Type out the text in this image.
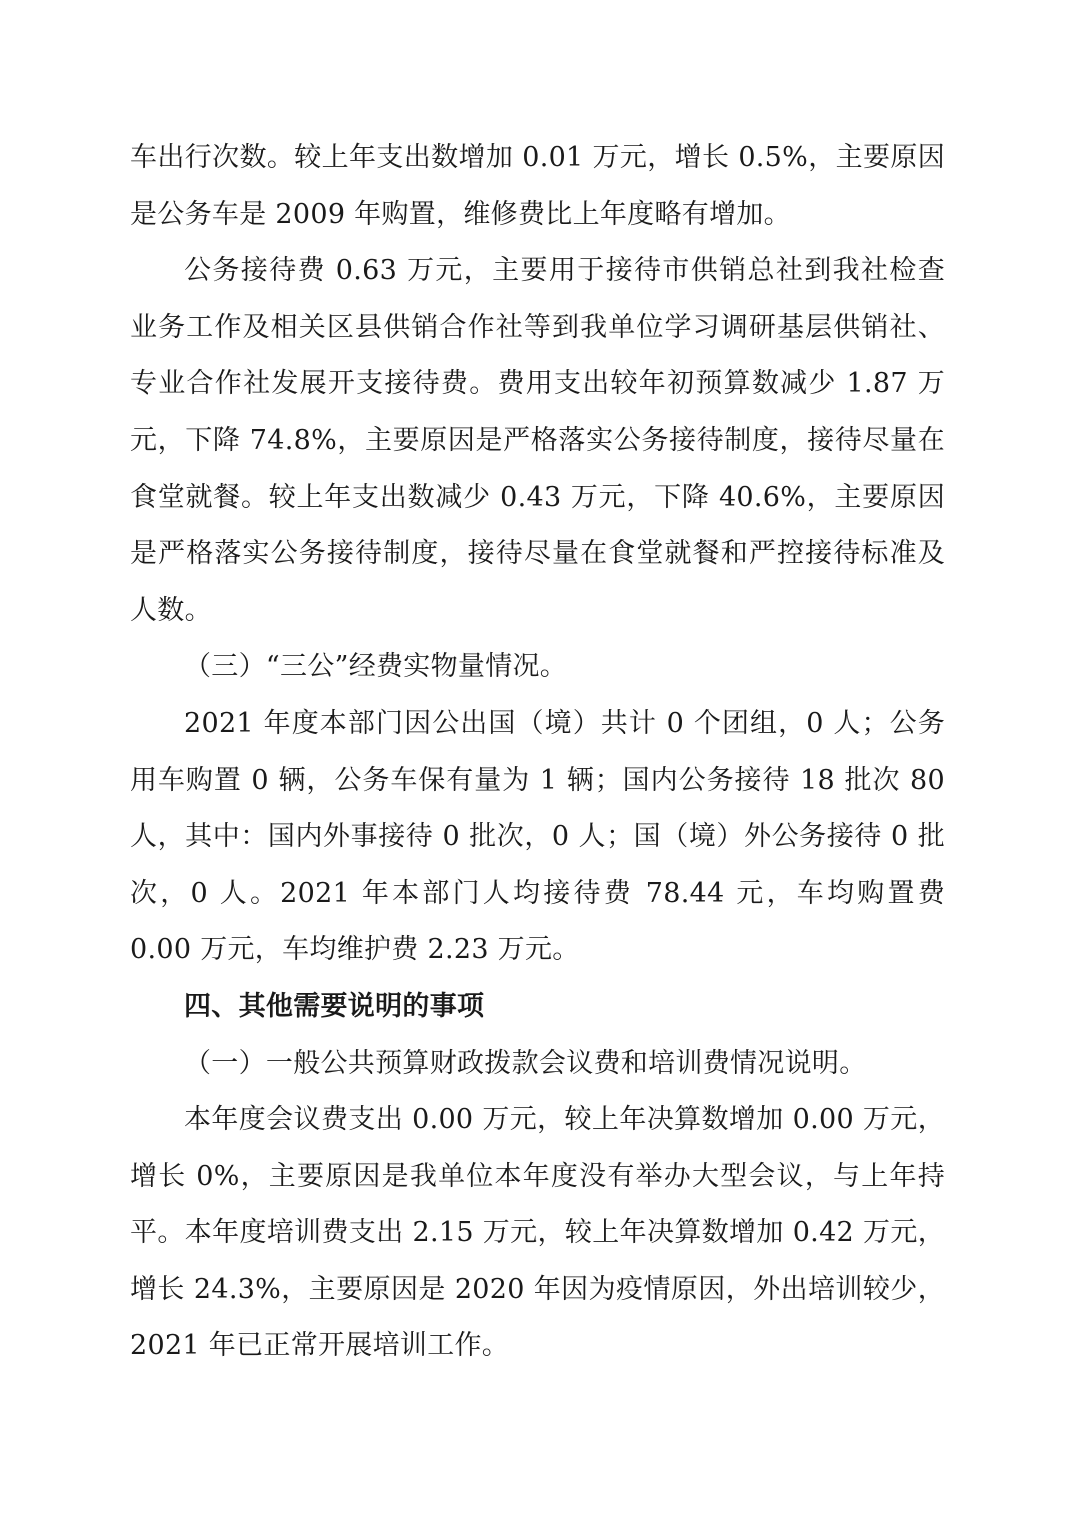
车出行次数。较上年支出数增加 0.01 万元，增长 0.5%，主要原因是公务车是 2009 年购置，维修费比上年度略有增加。

公务接待费 0.63 万元，主要用于接待市供销总社到我社检查业务工作及相关区县供销合作社等到我单位学习调研基层供销社、专业合作社发展开支接待费。费用支出较年初预算数减少 1.87 万元，下降 74.8%，主要原因是严格落实公务接待制度，接待尽量在食堂就餐。较上年支出数减少 0.43 万元，下降 40.6%，主要原因是严格落实公务接待制度，接待尽量在食堂就餐和严控接待标准及人数。

（三）“三公”经费实物量情况。

2021 年度本部门因公出国（境）共计 0 个团组，0 人；公务用车购置 0 辆，公务车保有量为 1 辆；国内公务接待 18 批次 80 人，其中：国内外事接待 0 批次，0 人；国（境）外公务接待 0 批次，0 人。2021 年本部门人均接待费 78.44 元，车均购置费 0.00 万元，车均维护费 2.23 万元。

四、其他需要说明的事项

（一）一般公共预算财政拨款会议费和培训费情况说明。

本年度会议费支出 0.00 万元，较上年决算数增加 0.00 万元，增长 0%，主要原因是我单位本年度没有举办大型会议，与上年持平。本年度培训费支出 2.15 万元，较上年决算数增加 0.42 万元，增长 24.3%，主要原因是 2020 年因为疫情原因，外出培训较少，2021 年已正常开展培训工作。
